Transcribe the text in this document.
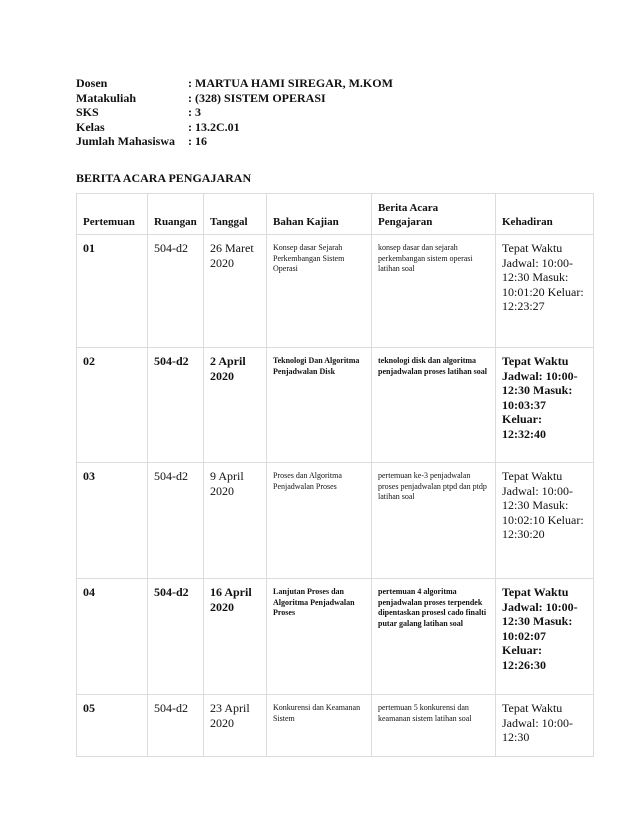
Dosen	: MARTUA HAMI SIREGAR, M.KOM
Matakuliah	: (328) SISTEM OPERASI
SKS	: 3
Kelas	: 13.2C.01
Jumlah Mahasiswa	: 16
BERITA ACARA PENGAJARAN
Pertemuan	Ruangan	Tanggal	Bahan Kajian	Berita Acara Pengajaran	Kehadiran
01	504-d2	26 Maret 2020	Konsep dasar Sejarah Perkembangan Sistem Operasi	konsep dasar dan sejarah perkembangan sistem operasi latihan soal	Tepat Waktu Jadwal: 10:00-12:30 Masuk: 10:01:20 Keluar: 12:23:27
02	504-d2	2 April 2020	Teknologi Dan Algoritma Penjadwalan Disk	teknologi disk dan algoritma penjadwalan proses latihan soal	Tepat Waktu Jadwal: 10:00-12:30 Masuk: 10:03:37 Keluar: 12:32:40
03	504-d2	9 April 2020	Proses dan Algoritma Penjadwalan Proses	pertemuan ke-3 penjadwalan proses penjadwalan ptpd dan ptdp latihan soal	Tepat Waktu Jadwal: 10:00-12:30 Masuk: 10:02:10 Keluar: 12:30:20
04	504-d2	16 April 2020	Lanjutan Proses dan Algoritma Penjadwalan Proses	pertemuan 4 algoritma penjadwalan proses terpendek dipentaskan prosesl cado finalti putar galang latihan soal	Tepat Waktu Jadwal: 10:00-12:30 Masuk: 10:02:07 Keluar: 12:26:30
05	504-d2	23 April 2020	Konkurensi dan Keamanan Sistem	pertemuan 5 konkurensi dan keamanan sistem latihan soal	Tepat Waktu Jadwal: 10:00-12:30
